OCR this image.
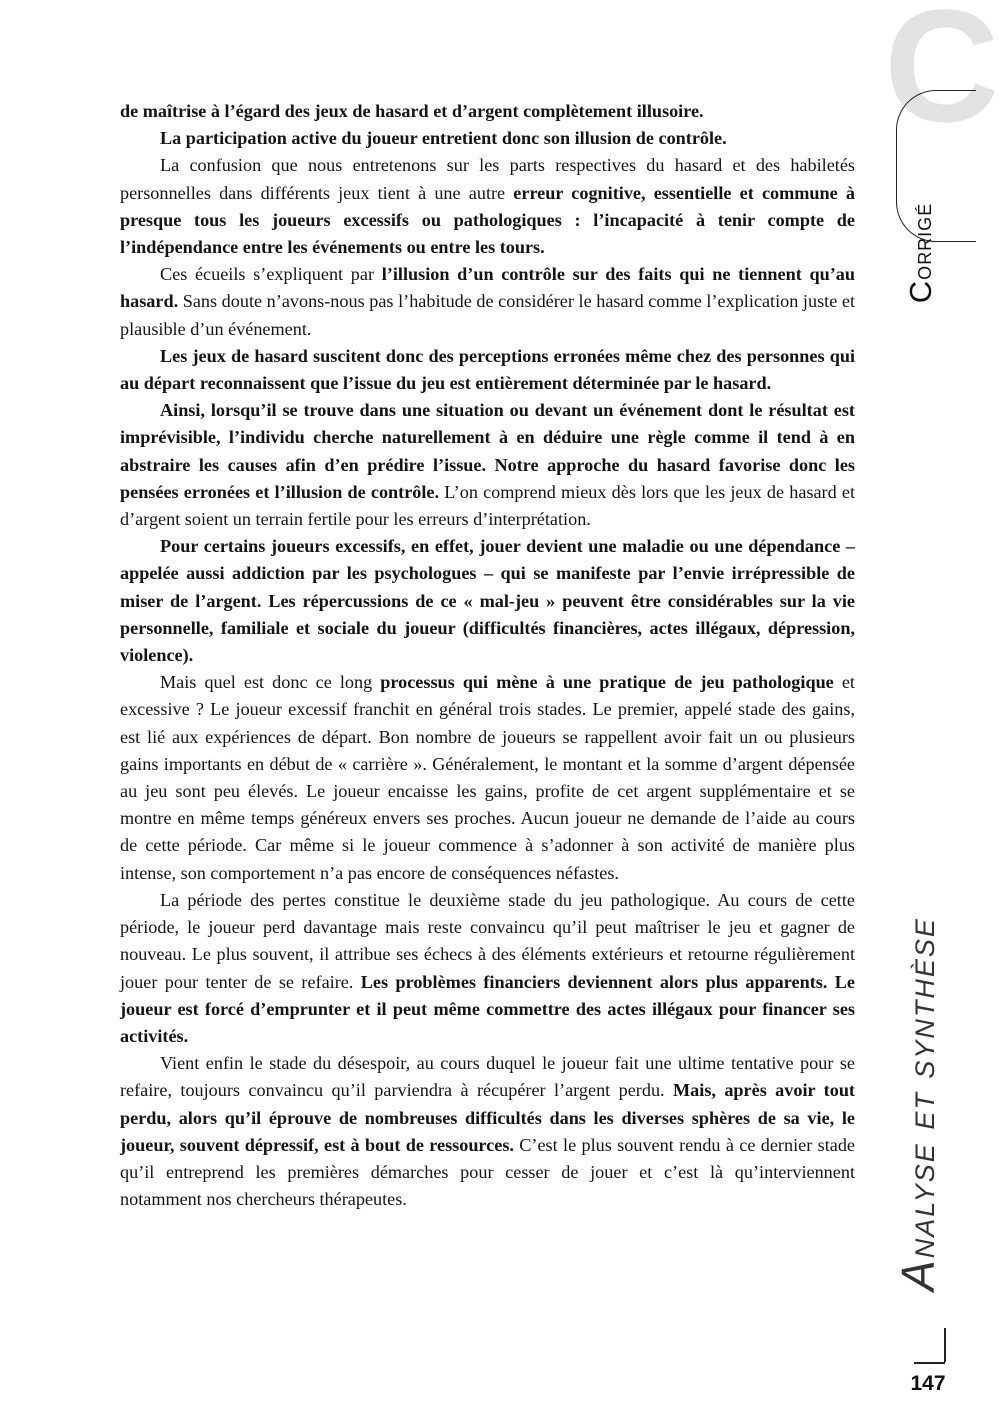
C
Corrigé

de maîtrise à l’égard des jeux de hasard et d’argent complètement illusoire.

La participation active du joueur entretient donc son illusion de contrôle.

La confusion que nous entretenons sur les parts respectives du hasard et des habiletés personnelles dans différents jeux tient à une autre erreur cognitive, essentielle et commune à presque tous les joueurs excessifs ou pathologiques : l’incapacité à tenir compte de l’indépendance entre les événements ou entre les tours.

Ces écueils s’expliquent par l’illusion d’un contrôle sur des faits qui ne tiennent qu’au hasard. Sans doute n’avons-nous pas l’habitude de considérer le hasard comme l’explication juste et plausible d’un événement.

Les jeux de hasard suscitent donc des perceptions erronées même chez des personnes qui au départ reconnaissent que l’issue du jeu est entièrement déterminée par le hasard.

Ainsi, lorsqu’il se trouve dans une situation ou devant un événement dont le résultat est imprévisible, l’individu cherche naturellement à en déduire une règle comme il tend à en abstraire les causes afin d’en prédire l’issue. Notre approche du hasard favorise donc les pensées erronées et l’illusion de contrôle. L’on comprend mieux dès lors que les jeux de hasard et d’argent soient un terrain fertile pour les erreurs d’interprétation.

Pour certains joueurs excessifs, en effet, jouer devient une maladie ou une dépendance – appelée aussi addiction par les psychologues – qui se manifeste par l’envie irrépressible de miser de l’argent. Les répercussions de ce « mal-jeu » peuvent être considérables sur la vie personnelle, familiale et sociale du joueur (difficultés financières, actes illégaux, dépression, violence).

Mais quel est donc ce long processus qui mène à une pratique de jeu pathologique et excessive ? Le joueur excessif franchit en général trois stades. Le premier, appelé stade des gains, est lié aux expériences de départ. Bon nombre de joueurs se rappellent avoir fait un ou plusieurs gains importants en début de « carrière ». Généralement, le montant et la somme d’argent dépensée au jeu sont peu élevés. Le joueur encaisse les gains, profite de cet argent supplémentaire et se montre en même temps généreux envers ses proches. Aucun joueur ne demande de l’aide au cours de cette période. Car même si le joueur commence à s’adonner à son activité de manière plus intense, son comportement n’a pas encore de conséquences néfastes.

La période des pertes constitue le deuxième stade du jeu pathologique. Au cours de cette période, le joueur perd davantage mais reste convaincu qu’il peut maîtriser le jeu et gagner de nouveau. Le plus souvent, il attribue ses échecs à des éléments extérieurs et retourne régulièrement jouer pour tenter de se refaire. Les problèmes financiers deviennent alors plus apparents. Le joueur est forcé d’emprunter et il peut même commettre des actes illégaux pour financer ses activités.

Vient enfin le stade du désespoir, au cours duquel le joueur fait une ultime tentative pour se refaire, toujours convaincu qu’il parviendra à récupérer l’argent perdu. Mais, après avoir tout perdu, alors qu’il éprouve de nombreuses difficultés dans les diverses sphères de sa vie, le joueur, souvent dépressif, est à bout de ressources. C’est le plus souvent rendu à ce dernier stade qu’il entreprend les premières démarches pour cesser de jouer et c’est là qu’interviennent notamment nos chercheurs thérapeutes.

Analyse et synthèse
147
